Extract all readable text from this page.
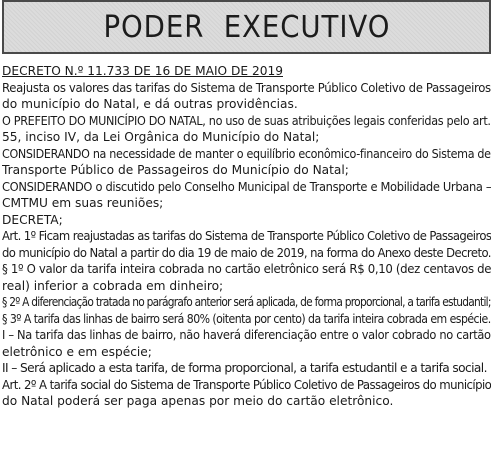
PODER  EXECUTIVO
DECRETO N.º 11.733 DE 16 DE MAIO DE 2019
Reajusta os valores das tarifas do Sistema de Transporte Público Coletivo de Passageiros
do município do Natal, e dá outras providências.
O PREFEITO DO MUNICÍPIO DO NATAL, no uso de suas atribuições legais conferidas pelo art.
55, inciso IV, da Lei Orgânica do Município do Natal;
CONSIDERANDO na necessidade de manter o equilíbrio econômico-financeiro do Sistema de
Transporte Público de Passageiros do Município do Natal;
CONSIDERANDO o discutido pelo Conselho Municipal de Transporte e Mobilidade Urbana –
CMTMU em suas reuniões;
DECRETA;
Art. 1º Ficam reajustadas as tarifas do Sistema de Transporte Público Coletivo de Passageiros
do município do Natal a partir do dia 19 de maio de 2019, na forma do Anexo deste Decreto.
§ 1º O valor da tarifa inteira cobrada no cartão eletrônico será R$ 0,10 (dez centavos de
real) inferior a cobrada em dinheiro;
§ 2º A diferenciação tratada no parágrafo anterior será aplicada, de forma proporcional, a tarifa estudantil;
§ 3º A tarifa das linhas de bairro será 80% (oitenta por cento) da tarifa inteira cobrada em espécie.
I – Na tarifa das linhas de bairro, não haverá diferenciação entre o valor cobrado no cartão
eletrônico e em espécie;
II – Será aplicado a esta tarifa, de forma proporcional, a tarifa estudantil e a tarifa social.
Art. 2º A tarifa social do Sistema de Transporte Público Coletivo de Passageiros do município
do Natal poderá ser paga apenas por meio do cartão eletrônico.
